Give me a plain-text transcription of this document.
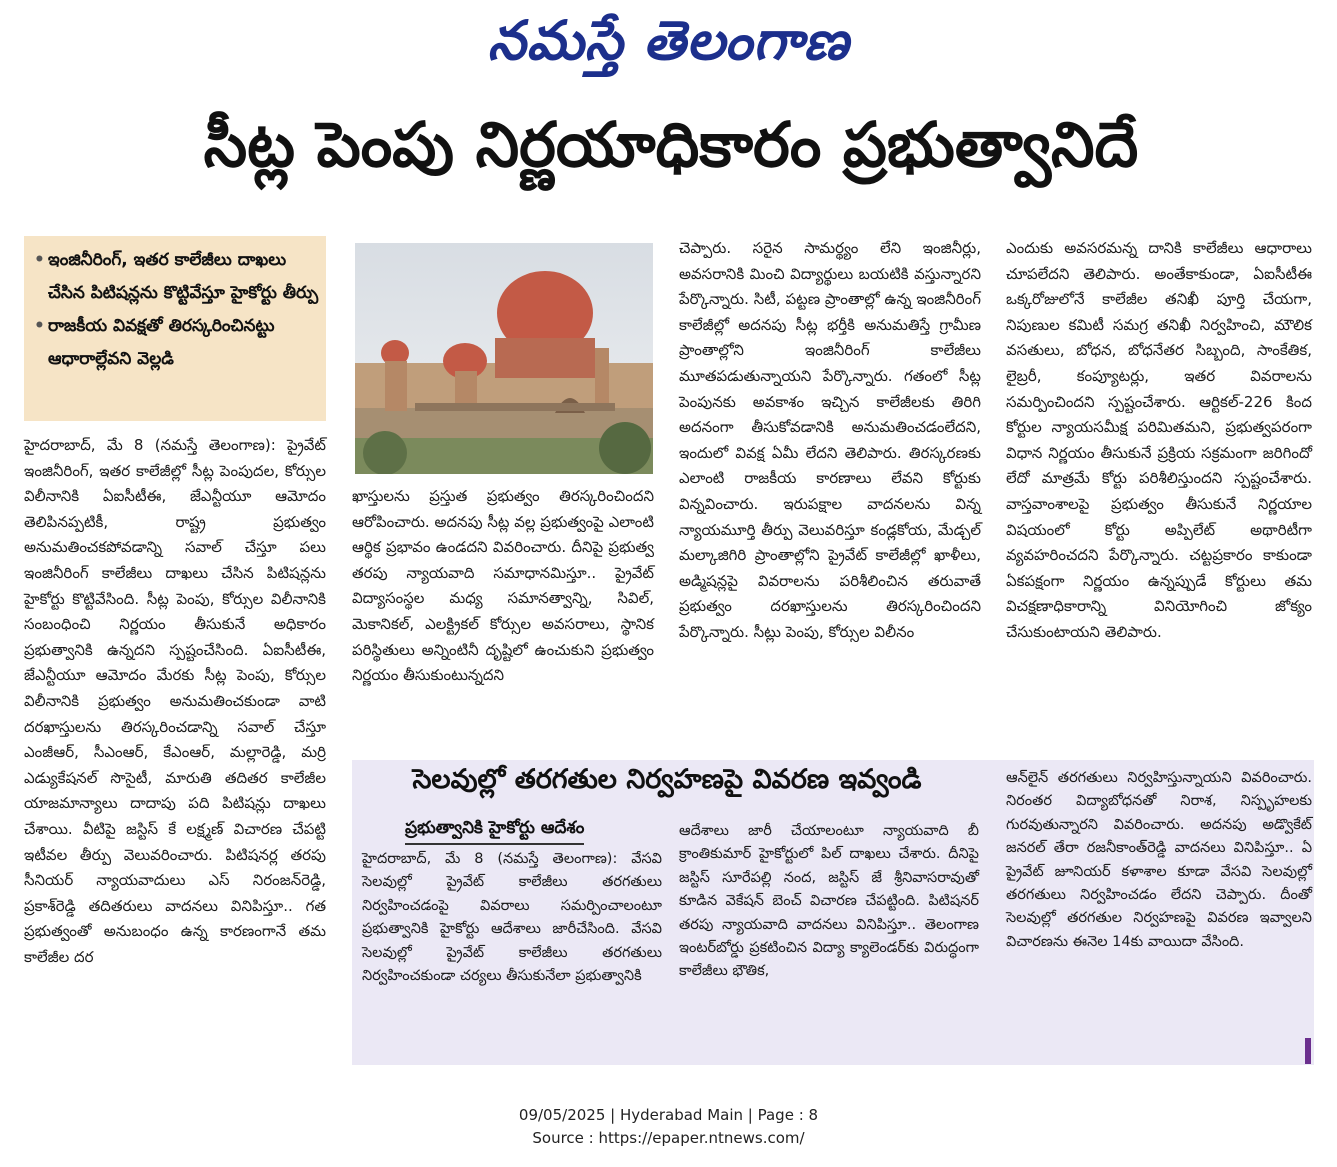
నమస్తే తెలంగాణ
సీట్ల పెంపు నిర్ణయాధికారం ప్రభుత్వానిదే
• ఇంజినీరింగ్, ఇతర కాలేజీలు దాఖలు చేసిన పిటిషన్లను కొట్టివేస్తూ హైకోర్టు తీర్పు
• రాజకీయ వివక్షతో తిరస్కరించినట్టు ఆధారాల్లేవని వెల్లడి

హైదరాబాద్, మే 8 (నమస్తే తెలంగాణ): ప్రైవేట్ ఇంజినీరింగ్, ఇతర కాలేజీల్లో సీట్ల పెంపుదల, కోర్సుల విలీనానికి ఏఐసీటీఈ, జేఎన్టీయూ ఆమోదం తెలిపినప్పటికీ, రాష్ట్ర ప్రభుత్వం అనుమతించకపోవడాన్ని సవాల్ చేస్తూ పలు ఇంజినీరింగ్ కాలేజీలు దాఖలు చేసిన పిటిషన్లను హైకోర్టు కొట్టివేసింది. సీట్ల పెంపు, కోర్సుల విలీనానికి సంబంధించి నిర్ణయం తీసుకునే అధికారం ప్రభుత్వానికి ఉన్నదని స్పష్టంచేసింది. ఏఐసీటీఈ, జేఎన్టీయూ ఆమోదం మేరకు సీట్ల పెంపు, కోర్సుల విలీనానికి ప్రభుత్వం అనుమతించకుండా వాటి దరఖాస్తులను తిరస్కరించడాన్ని సవాల్ చేస్తూ ఎంజీఆర్, సీఎంఆర్, కేఎంఆర్, మల్లారెడ్డి, మర్రి ఎడ్యుకేషనల్ సొసైటీ, మారుతి తదితర కాలేజీల యాజమాన్యాలు దాదాపు పది పిటిషన్లు దాఖలు చేశాయి. వీటిపై జస్టిస్ కే లక్ష్మణ్ విచారణ చేపట్టి ఇటీవల తీర్పు వెలువరించారు. పిటిషనర్ల తరపు సీనియర్ న్యాయవాదులు ఎస్ నిరంజన్‌రెడ్డి, ప్రకాశ్‌రెడ్డి తదితరులు వాదనలు వినిపిస్తూ.. గత ప్రభుత్వంతో అనుబంధం ఉన్న కారణంగానే తమ కాలేజీల దర

ఖాస్తులను ప్రస్తుత ప్రభుత్వం తిరస్కరించిందని ఆరోపించారు. అదనపు సీట్ల వల్ల ప్రభుత్వంపై ఎలాంటి ఆర్థిక ప్రభావం ఉండదని వివరించారు. దీనిపై ప్రభుత్వ తరపు న్యాయవాది సమాధానమిస్తూ.. ప్రైవేట్ విద్యాసంస్థల మధ్య సమానత్వాన్ని, సివిల్, మెకానికల్, ఎలక్ట్రికల్ కోర్సుల అవసరాలు, స్థానిక పరిస్థితులు అన్నింటినీ దృష్టిలో ఉంచుకుని ప్రభుత్వం నిర్ణయం తీసుకుంటున్నదని

చెప్పారు. సరైన సామర్థ్యం లేని ఇంజినీర్లు, అవసరానికి మించి విద్యార్థులు బయటికి వస్తున్నారని పేర్కొన్నారు. సిటీ, పట్టణ ప్రాంతాల్లో ఉన్న ఇంజినీరింగ్ కాలేజీల్లో అదనపు సీట్ల భర్తీకి అనుమతిస్తే గ్రామీణ ప్రాంతాల్లోని ఇంజినీరింగ్ కాలేజీలు మూతపడుతున్నాయని పేర్కొన్నారు. గతంలో సీట్ల పెంపునకు అవకాశం ఇచ్చిన కాలేజీలకు తిరిగి అదనంగా తీసుకోవడానికి అనుమతించడంలేదని, ఇందులో వివక్ష ఏమీ లేదని తెలిపారు. తిరస్కరణకు ఎలాంటి రాజకీయ కారణాలు లేవని కోర్టుకు విన్నవించారు. ఇరుపక్షాల వాదనలను విన్న న్యాయమూర్తి తీర్పు వెలువరిస్తూ కండ్లకోయ, మేడ్చల్ మల్కాజిగిరి ప్రాంతాల్లోని ప్రైవేట్ కాలేజీల్లో ఖాళీలు, అడ్మిషన్లపై వివరాలను పరిశీలించిన తరువాతే ప్రభుత్వం దరఖాస్తులను తిరస్కరించిందని పేర్కొన్నారు. సీట్లు పెంపు, కోర్సుల విలీనం

ఎందుకు అవసరమన్న దానికి కాలేజీలు ఆధారాలు చూపలేదని తెలిపారు. అంతేకాకుండా, ఏఐసీటీఈ ఒక్కరోజులోనే కాలేజీల తనిఖీ పూర్తి చేయగా, నిపుణుల కమిటీ సమగ్ర తనిఖీ నిర్వహించి, మౌలిక వసతులు, బోధన, బోధనేతర సిబ్బంది, సాంకేతిక, లైబ్రరీ, కంప్యూటర్లు, ఇతర వివరాలను సమర్పించిందని స్పష్టంచేశారు. ఆర్టికల్-226 కింద కోర్టుల న్యాయసమీక్ష పరిమితమని, ప్రభుత్వపరంగా విధాన నిర్ణయం తీసుకునే ప్రక్రియ సక్రమంగా జరిగిందో లేదో మాత్రమే కోర్టు పరిశీలిస్తుందని స్పష్టంచేశారు. వాస్తవాంశాలపై ప్రభుత్వం తీసుకునే నిర్ణయాల విషయంలో కోర్టు అప్పిలేట్ అథారిటీగా వ్యవహరించదని పేర్కొన్నారు. చట్టప్రకారం కాకుండా ఏకపక్షంగా నిర్ణయం ఉన్నప్పుడే కోర్టులు తమ విచక్షణాధికారాన్ని వినియోగించి జోక్యం చేసుకుంటాయని తెలిపారు.

సెలవుల్లో తరగతుల నిర్వహణపై వివరణ ఇవ్వండి
ప్రభుత్వానికి హైకోర్టు ఆదేశం

హైదరాబాద్, మే 8 (నమస్తే తెలంగాణ): వేసవి సెలవుల్లో ప్రైవేట్ కాలేజీలు తరగతులు నిర్వహించడంపై వివరాలు సమర్పించాలంటూ ప్రభుత్వానికి హైకోర్టు ఆదేశాలు జారీచేసింది. వేసవి సెలవుల్లో ప్రైవేట్ కాలేజీలు తరగతులు నిర్వహించకుండా చర్యలు తీసుకునేలా ప్రభుత్వానికి

ఆదేశాలు జారీ చేయాలంటూ న్యాయవాది బీ క్రాంతికుమార్ హైకోర్టులో పిల్ దాఖలు చేశారు. దీనిపై జస్టిస్ సూరేపల్లి నంద, జస్టిస్ జే శ్రీనివాసరావుతో కూడిన వెకేషన్ బెంచ్ విచారణ చేపట్టింది. పిటిషనర్ తరపు న్యాయవాది వాదనలు వినిపిస్తూ.. తెలంగాణ ఇంటర్‌బోర్డు ప్రకటించిన విద్యా క్యాలెండర్‌కు విరుద్ధంగా కాలేజీలు భౌతిక,

ఆన్‌లైన్ తరగతులు నిర్వహిస్తున్నాయని వివరించారు. నిరంతర విద్యాబోధనతో నిరాశ, నిస్పృహలకు గురవుతున్నారని వివరించారు. అదనపు అడ్వొకేట్ జనరల్ తేరా రజనీకాంత్‌రెడ్డి వాదనలు వినిపిస్తూ.. ఏ ప్రైవేట్ జూనియర్ కళాశాల కూడా వేసవి సెలవుల్లో తరగతులు నిర్వహించడం లేదని చెప్పారు. దీంతో సెలవుల్లో తరగతుల నిర్వహణపై వివరణ ఇవ్వాలని విచారణను ఈనెల 14కు వాయిదా వేసింది.

09/05/2025 | Hyderabad Main | Page : 8
Source : https://epaper.ntnews.com/
